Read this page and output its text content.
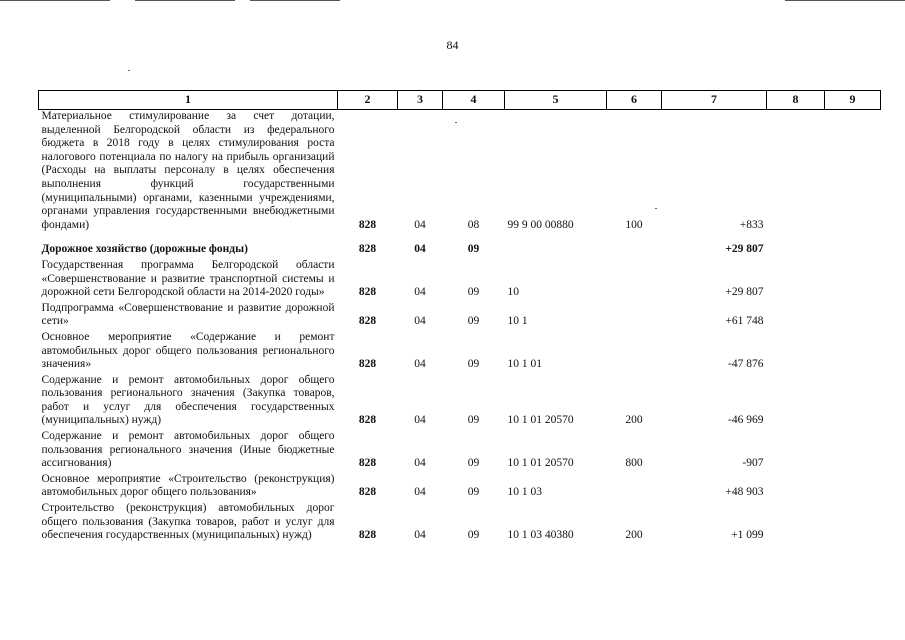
84
1	2	3	4	5	6	7	8	9
Материальное стимулирование за счет дотации, выделенной Белгородской области из федерального бюджета в 2018 году в целях стимулирования роста налогового потенциала по налогу на прибыль организаций (Расходы на выплаты персоналу в целях обеспечения выполнения функций государственными (муниципальными) органами, казенными учреждениями, органами управления государственными внебюджетными фондами)	828	04	08	99 9 00 00880	100	+833		
Дорожное хозяйство (дорожные фонды)	828	04	09			+29 807		
Государственная программа Белгородской области «Совершенствование и развитие транспортной системы и дорожной сети Белгородской области на 2014-2020 годы»	828	04	09	10		+29 807		
Подпрограмма «Совершенствование и развитие дорожной сети»	828	04	09	10 1		+61 748		
Основное мероприятие «Содержание и ремонт автомобильных дорог общего пользования регионального значения»	828	04	09	10 1 01		-47 876		
Содержание и ремонт автомобильных дорог общего пользования регионального значения (Закупка товаров, работ и услуг для обеспечения государственных (муниципальных) нужд)	828	04	09	10 1 01 20570	200	-46 969		
Содержание и ремонт автомобильных дорог общего пользования регионального значения (Иные бюджетные ассигнования)	828	04	09	10 1 01 20570	800	-907		
Основное мероприятие «Строительство (реконструкция) автомобильных дорог общего пользования»	828	04	09	10 1 03		+48 903		
Строительство (реконструкция) автомобильных дорог общего пользования (Закупка товаров, работ и услуг для обеспечения государственных (муниципальных) нужд)	828	04	09	10 1 03 40380	200	+1 099		
